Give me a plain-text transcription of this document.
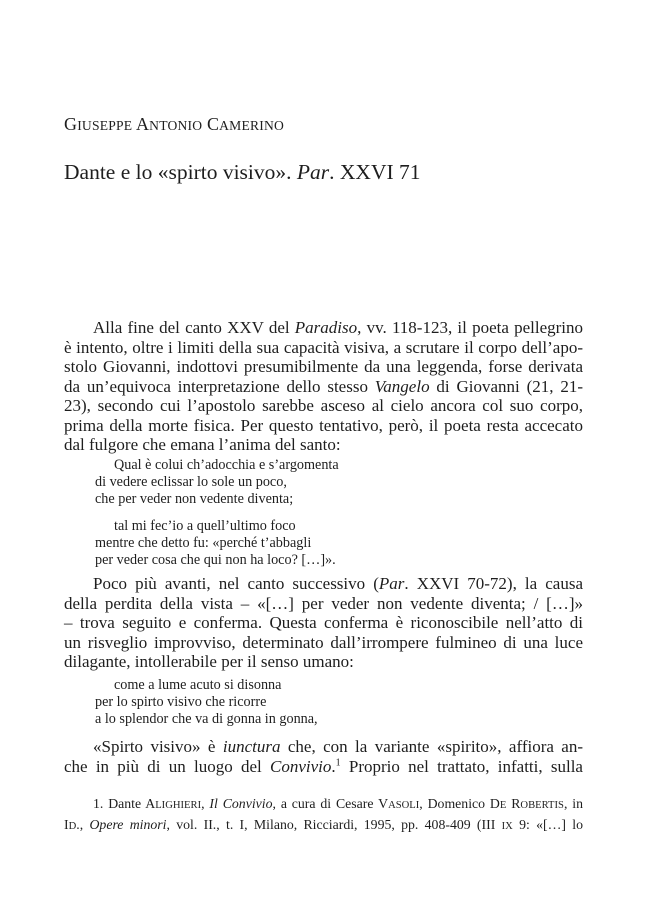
GIUSEPPE ANTONIO CAMERINO
Dante e lo «spirto visivo». Par. XXVI 71
Alla fine del canto XXV del Paradiso, vv. 118-123, il poeta pellegrino
è intento, oltre i limiti della sua capacità visiva, a scrutare il corpo dell’apo-
stolo Giovanni, indottovi presumibilmente da una leggenda, forse derivata
da un’equivoca interpretazione dello stesso Vangelo di Giovanni (21, 21-
23), secondo cui l’apostolo sarebbe asceso al cielo ancora col suo corpo,
prima della morte fisica. Per questo tentativo, però, il poeta resta accecato
dal fulgore che emana l’anima del santo:
Qual è colui ch’adocchia e s’argomenta
di vedere eclissar lo sole un poco,
che per veder non vedente diventa;
tal mi fec’io a quell’ultimo foco
mentre che detto fu: «perché t’abbagli
per veder cosa che qui non ha loco? […]».
Poco più avanti, nel canto successivo (Par. XXVI 70-72), la causa
della perdita della vista – «[…] per veder non vedente diventa; / […]»
– trova seguito e conferma. Questa conferma è riconoscibile nell’atto di
un risveglio improvviso, determinato dall’irrompere fulmineo di una luce
dilagante, intollerabile per il senso umano:
come a lume acuto si disonna
per lo spirto visivo che ricorre
a lo splendor che va di gonna in gonna,
«Spirto visivo» è iunctura che, con la variante «spirito», affiora an-
che in più di un luogo del Convivio.$^1$ Proprio nel trattato, infatti, sulla
1. Dante ALIGHIERI, Il Convivio, a cura di Cesare VASOLI, Domenico DE ROBERTIS, in
ID., Opere minori, vol. II., t. I, Milano, Ricciardi, 1995, pp. 408-409 (III IX 9: «[…] lo
